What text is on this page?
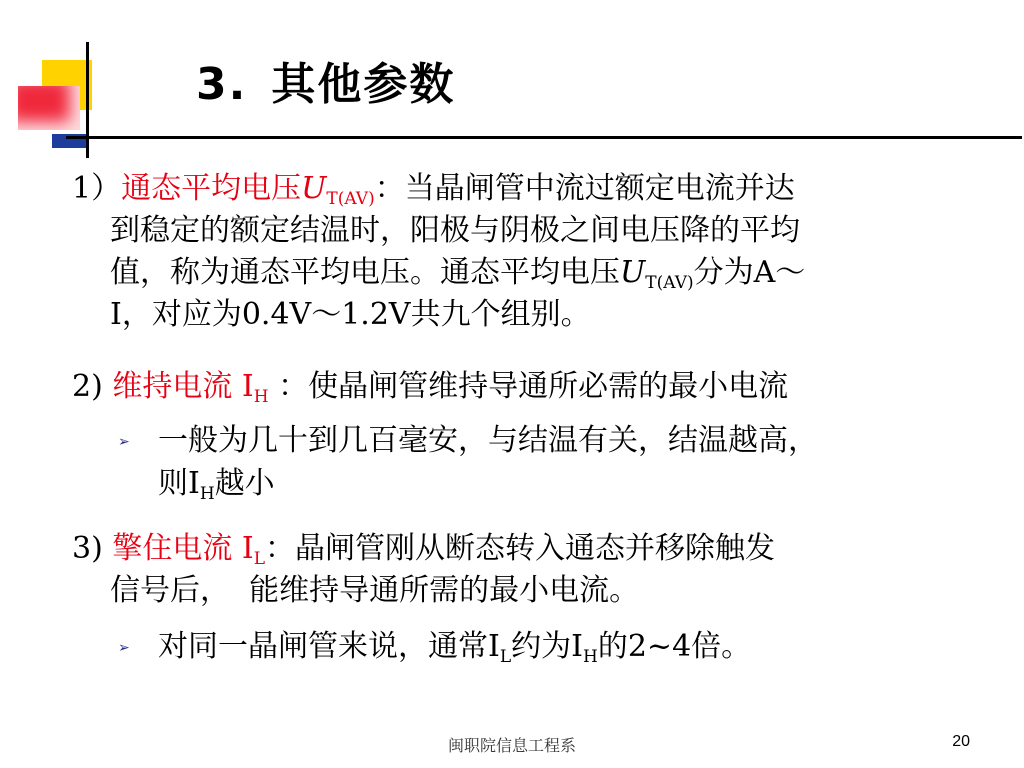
3. 其他参数
1）通态平均电压$U_{T(AV)}$：当晶闸管中流过额定电流并达
到稳定的额定结温时，阳极与阴极之间电压降的平均
值，称为通态平均电压。通态平均电压$U_{T(AV)}$分为A～
Ⅰ，对应为0.4V～1.2V共九个组别。
2) 维持电流 $I_H$ ：使晶闸管维持导通所必需的最小电流
➢ 一般为几十到几百毫安，与结温有关，结温越高，
则$I_H$越小
3) 擎住电流 $I_L$：晶闸管刚从断态转入通态并移除触发
信号后，  能维持导通所需的最小电流。
➢ 对同一晶闸管来说，通常$I_L$约为$I_H$的2~4倍。
闽职院信息工程系	20
